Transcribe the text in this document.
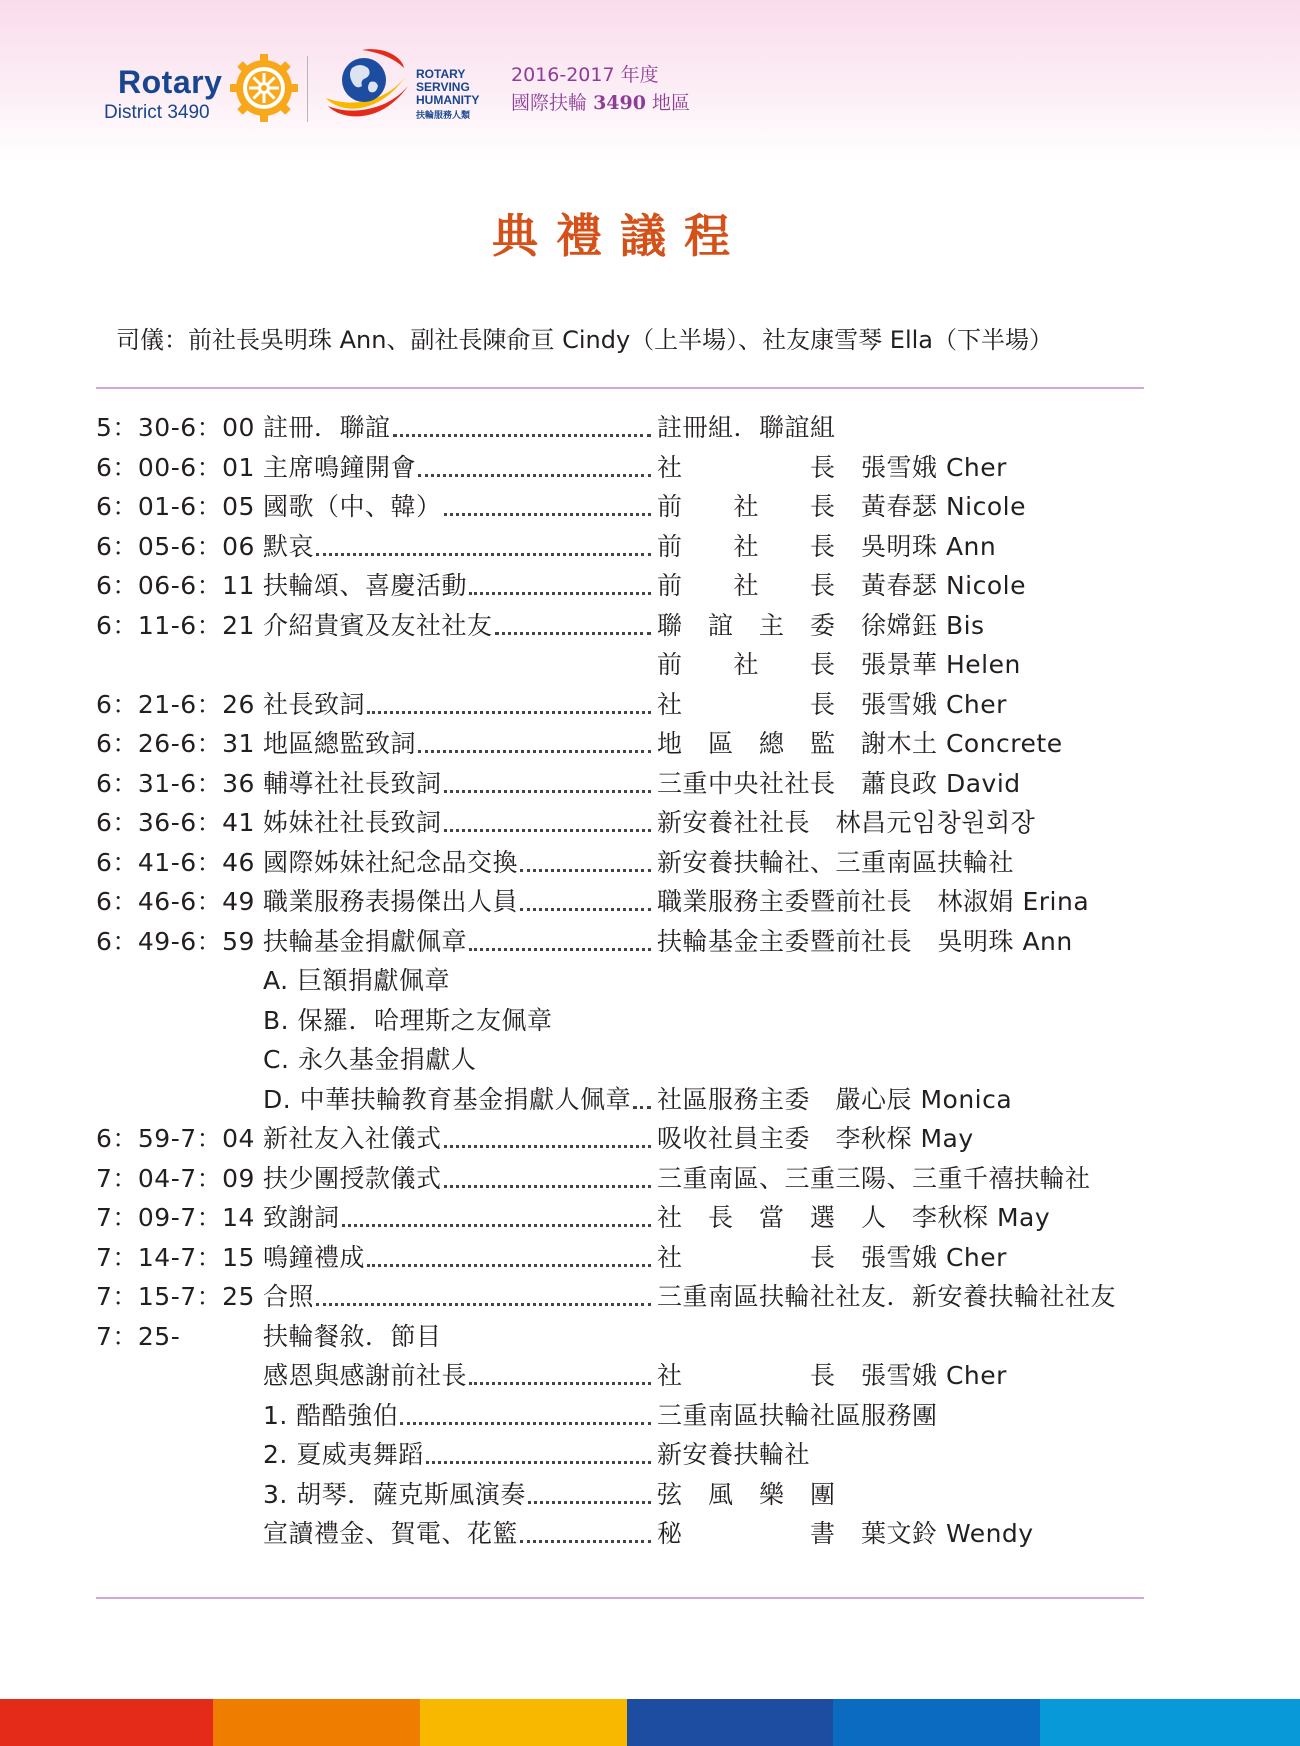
Rotary
District 3490
ROTARY
SERVING
HUMANITY
扶輪服務人類
2016-2017 年度
國際扶輪 3490 地區
典禮議程
司儀：前社長吳明珠 Ann、副社長陳俞亘 Cindy（上半場）、社友康雪琴 Ella（下半場）
5：30-6：00 註冊．聯誼	註冊組．聯誼組
6：00-6：01 主席鳴鐘開會	社　　　　　長　張雪娥 Cher
6：01-6：05 國歌（中、韓）	前　　社　　長　黃春瑟 Nicole
6：05-6：06 默哀	前　　社　　長　吳明珠 Ann
6：06-6：11 扶輪頌、喜慶活動	前　　社　　長　黃春瑟 Nicole
6：11-6：21 介紹貴賓及友社社友	聯　誼　主　委　徐嫦鈺 Bis
前　　社　　長　張景華 Helen
6：21-6：26 社長致詞	社　　　　　長　張雪娥 Cher
6：26-6：31 地區總監致詞	地　區　總　監　謝木土 Concrete
6：31-6：36 輔導社社長致詞	三重中央社社長　蕭良政 David
6：36-6：41 姊妹社社長致詞	新安養社社長　林昌元임창원회장
6：41-6：46 國際姊妹社紀念品交換	新安養扶輪社、三重南區扶輪社
6：46-6：49 職業服務表揚傑出人員	職業服務主委暨前社長　林淑娟 Erina
6：49-6：59 扶輪基金捐獻佩章	扶輪基金主委暨前社長　吳明珠 Ann
A. 巨額捐獻佩章
B. 保羅．哈理斯之友佩章
C. 永久基金捐獻人
D. 中華扶輪教育基金捐獻人佩章 社區服務主委　嚴心辰 Monica
6：59-7：04 新社友入社儀式	吸收社員主委　李秋棎 May
7：04-7：09 扶少團授款儀式	三重南區、三重三陽、三重千禧扶輪社
7：09-7：14 致謝詞	社　長　當　選　人　李秋棎 May
7：14-7：15 鳴鐘禮成	社　　　　　長　張雪娥 Cher
7：15-7：25 合照	三重南區扶輪社社友．新安養扶輪社社友
7：25-	扶輪餐敘．節目
感恩與感謝前社長	社　　　　　長　張雪娥 Cher
1. 酷酷強伯	三重南區扶輪社區服務團
2. 夏威夷舞蹈	新安養扶輪社
3. 胡琴．薩克斯風演奏	弦　風　樂　團
宣讀禮金、賀電、花籃	秘　　　　　書　葉文鈴 Wendy
